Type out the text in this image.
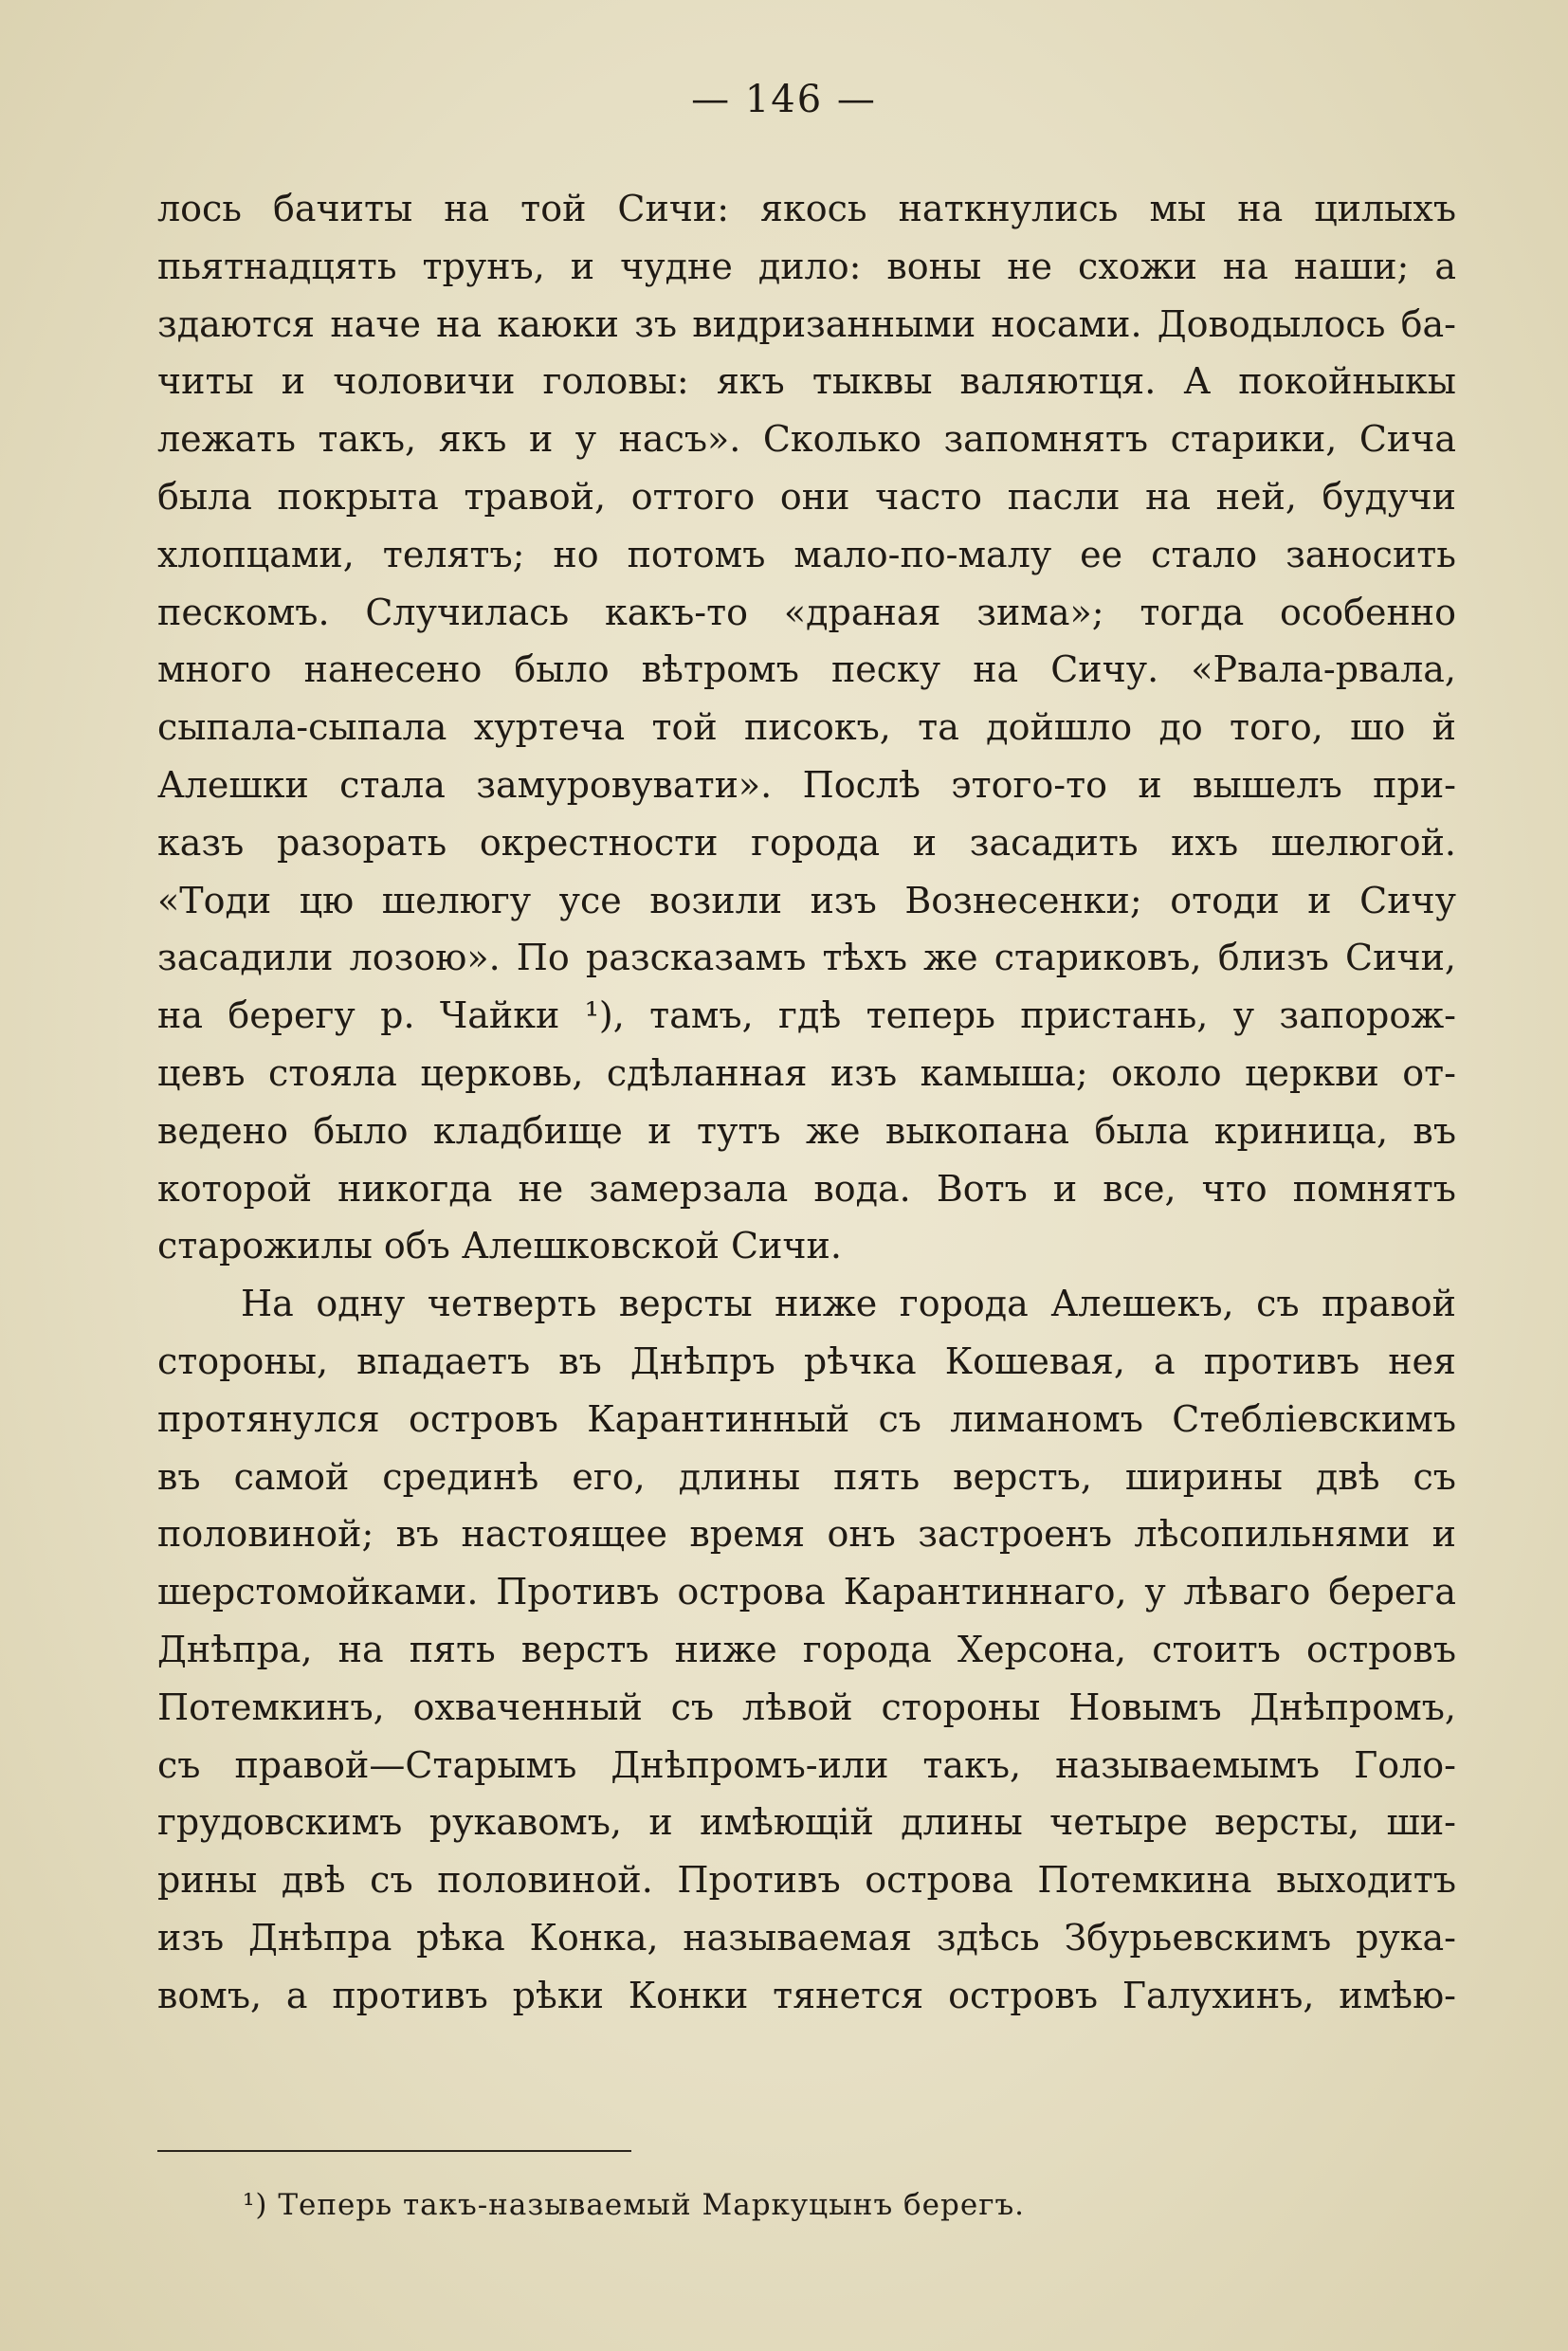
— 146 —
лось бачиты на той Сичи: якось наткнулись мы на цилыхъ
пьятнадцять трунъ, и чудне дило: воны не схожи на наши; а
здаются наче на каюки зъ видризанными носами. Доводылось ба-
читы и чоловичи головы: якъ тыквы валяютця. А покойныкы
лежать такъ, якъ и у насъ». Сколько запомнятъ старики, Сича
была покрыта травой, оттого они часто пасли на ней, будучи
хлопцами, телятъ; но потомъ мало-по-малу ее стало заносить
пескомъ. Случилась какъ-то «драная зима»; тогда особенно
много нанесено было вѣтромъ песку на Сичу. «Рвала-рвала,
сыпала-сыпала хуртеча той писокъ, та дойшло до того, шо й
Алешки стала замуровувати». Послѣ этого-то и вышелъ при-
казъ разорать окрестности города и засадить ихъ шелюгой.
«Тоди цю шелюгу усе возили изъ Вознесенки; отоди и Сичу
засадили лозою». По разсказамъ тѣхъ же стариковъ, близъ Сичи,
на берегу р. Чайки ¹), тамъ, гдѣ теперь пристань, у запорож-
цевъ стояла церковь, сдѣланная изъ камыша; около церкви от-
ведено было кладбище и тутъ же выкопана была криница, въ
которой никогда не замерзала вода. Вотъ и все, что помнятъ
старожилы объ Алешковской Сичи.
На одну четверть версты ниже города Алешекъ, съ правой
стороны, впадаетъ въ Днѣпръ рѣчка Кошевая, а противъ нея
протянулся островъ Карантинный съ лиманомъ Стеблiевскимъ
въ самой срединѣ его, длины пять верстъ, ширины двѣ съ
половиной; въ настоящее время онъ застроенъ лѣсопильнями и
шерстомойками. Противъ острова Карантиннаго, у лѣваго берега
Днѣпра, на пять верстъ ниже города Херсона, стоитъ островъ
Потемкинъ, охваченный съ лѣвой стороны Новымъ Днѣпромъ,
съ правой—Старымъ Днѣпромъ-или такъ, называемымъ Голо-
грудовскимъ рукавомъ, и имѣющiй длины четыре версты, ши-
рины двѣ съ половиной. Противъ острова Потемкина выходитъ
изъ Днѣпра рѣка Конка, называемая здѣсь Збурьевскимъ рука-
вомъ, а противъ рѣки Конки тянется островъ Галухинъ, имѣю-
¹) Теперь такъ-называемый Маркуцынъ берегъ.
